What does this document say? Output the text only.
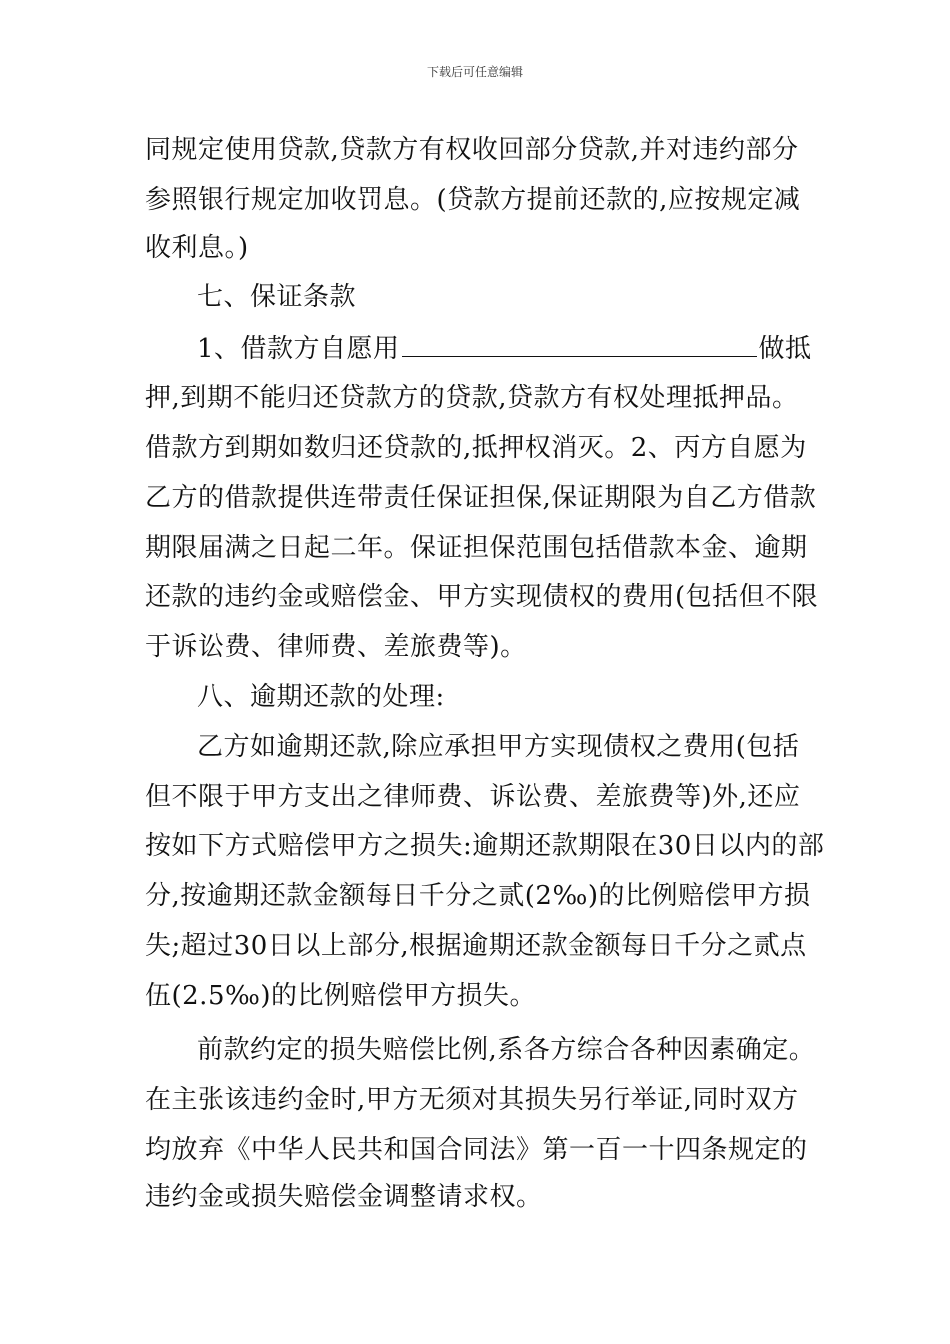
下载后可任意编辑
同规定使用贷款,贷款方有权收回部分贷款,并对违约部分
参照银行规定加收罚息。(贷款方提前还款的,应按规定减
收利息。)
七、保证条款
1、借款方自愿用	做抵
押,到期不能归还贷款方的贷款,贷款方有权处理抵押品。
借款方到期如数归还贷款的,抵押权消灭。2、丙方自愿为
乙方的借款提供连带责任保证担保,保证期限为自乙方借款
期限届满之日起二年。保证担保范围包括借款本金、逾期
还款的违约金或赔偿金、甲方实现债权的费用(包括但不限
于诉讼费、律师费、差旅费等)。
八、逾期还款的处理:
乙方如逾期还款,除应承担甲方实现债权之费用(包括
但不限于甲方支出之律师费、诉讼费、差旅费等)外,还应
按如下方式赔偿甲方之损失:逾期还款期限在30日以内的部
分,按逾期还款金额每日千分之贰(2‰)的比例赔偿甲方损
失;超过30日以上部分,根据逾期还款金额每日千分之贰点
伍(2.5‰)的比例赔偿甲方损失。
前款约定的损失赔偿比例,系各方综合各种因素确定。
在主张该违约金时,甲方无须对其损失另行举证,同时双方
均放弃《中华人民共和国合同法》第一百一十四条规定的
违约金或损失赔偿金调整请求权。
